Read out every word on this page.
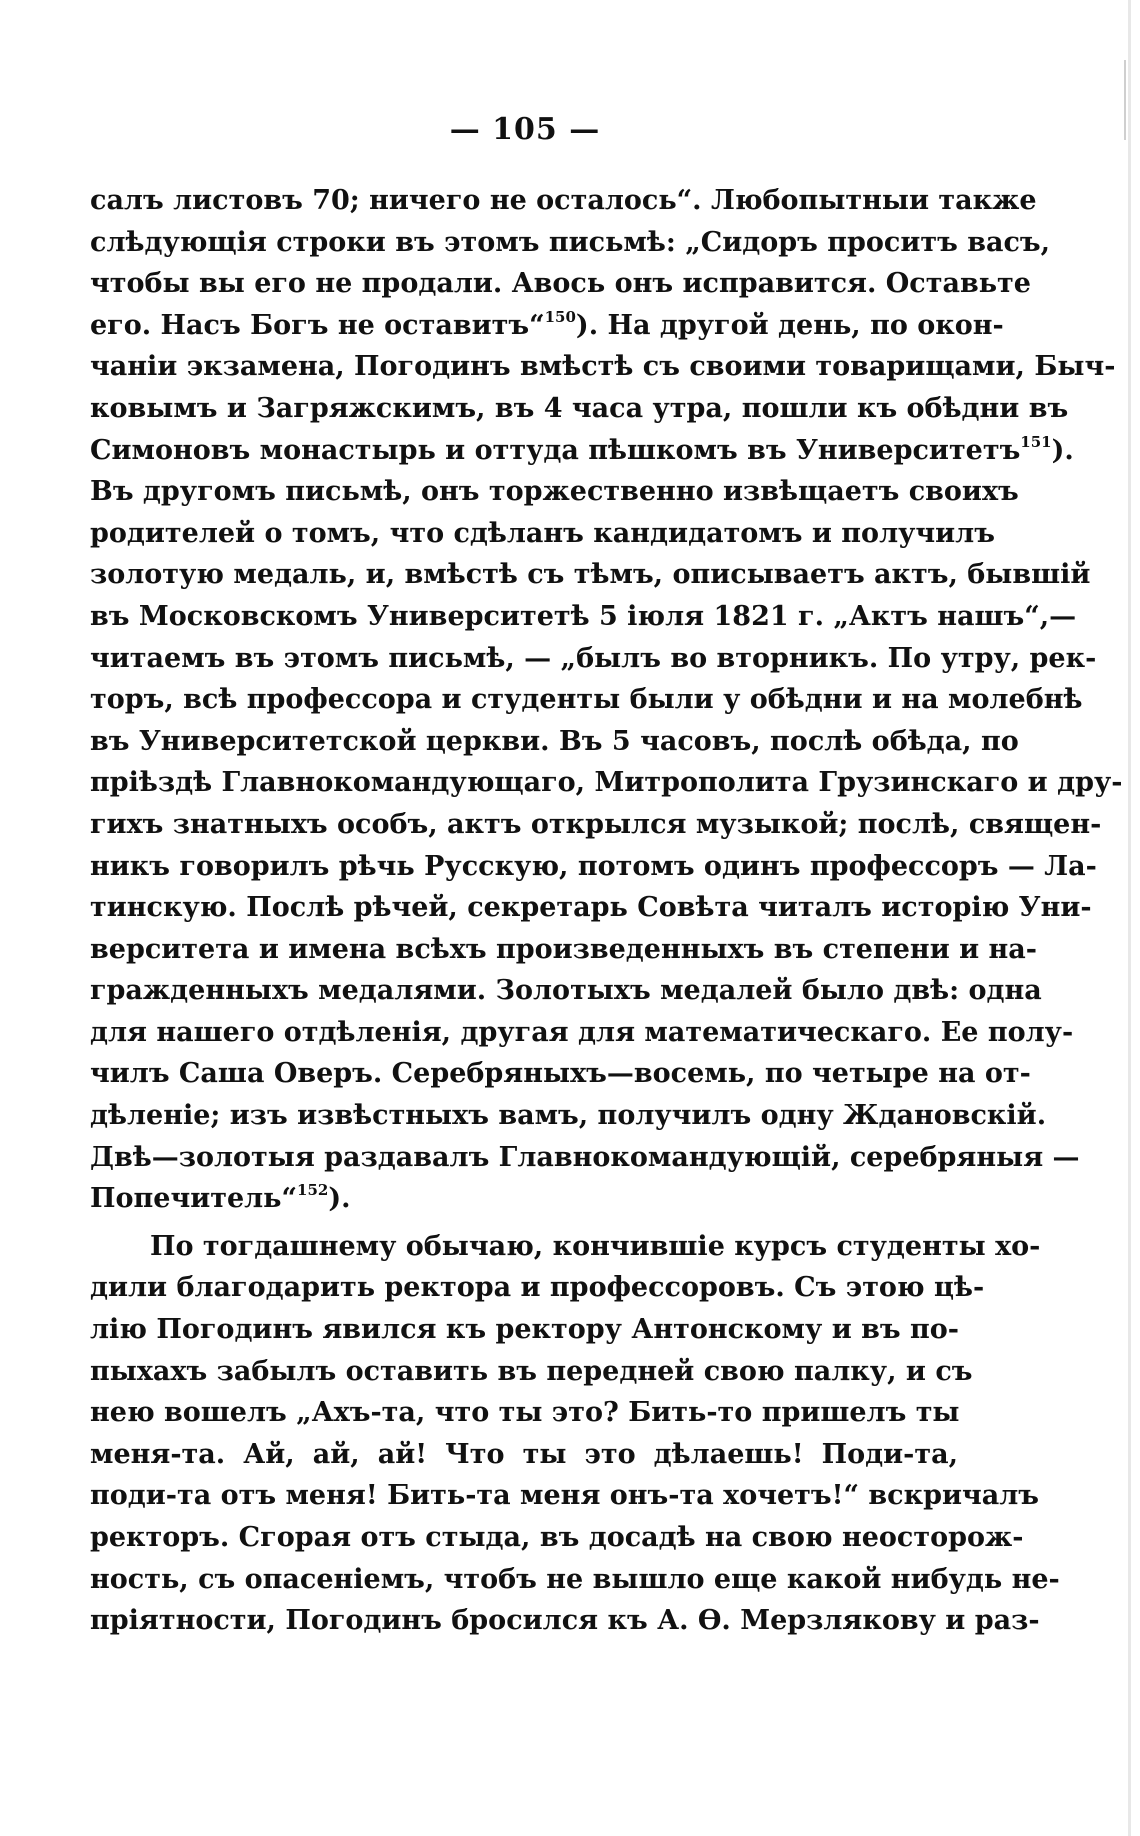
— 105 —
салъ листовъ 70; ничего не осталось“. Любопытныи также
слѣдующія строки въ этомъ письмѣ: „Сидоръ проситъ васъ,
чтобы вы его не продали. Авось онъ исправится. Оставьте
его. Насъ Богъ не оставитъ“$^{150}$). На другой день, по окон-
чаніи экзамена, Погодинъ вмѣстѣ съ своими товарищами, Быч-
ковымъ и Загряжскимъ, въ 4 часа утра, пошли къ обѣдни въ
Симоновъ монастырь и оттуда пѣшкомъ въ Университетъ$^{151}$).
Въ другомъ письмѣ, онъ торжественно извѣщаетъ своихъ
родителей о томъ, что сдѣланъ кандидатомъ и получилъ
золотую медаль, и, вмѣстѣ съ тѣмъ, описываетъ актъ, бывшій
въ Московскомъ Университетѣ 5 іюля 1821 г. „Актъ нашъ“,—
читаемъ въ этомъ письмѣ, — „былъ во вторникъ. По утру, рек-
торъ, всѣ профессора и студенты были у обѣдни и на молебнѣ
въ Университетской церкви. Въ 5 часовъ, послѣ обѣда, по
пріѣздѣ Главнокомандующаго, Митрополита Грузинскаго и дру-
гихъ знатныхъ особъ, актъ открылся музыкой; послѣ, священ-
никъ говорилъ рѣчь Русскую, потомъ одинъ профессоръ — Ла-
тинскую. Послѣ рѣчей, секретарь Совѣта читалъ исторію Уни-
верситета и имена всѣхъ произведенныхъ въ степени и на-
гражденныхъ медалями. Золотыхъ медалей было двѣ: одна
для нашего отдѣленія, другая для математическаго. Ее полу-
чилъ Саша Оверъ. Серебряныхъ—восемь, по четыре на от-
дѣленіе; изъ извѣстныхъ вамъ, получилъ одну Ждановскій.
Двѣ—золотыя раздавалъ Главнокомандующій, серебряныя —
Попечитель“$^{152}$).
По тогдашнему обычаю, кончившіе курсъ студенты хо-
дили благодарить ректора и профессоровъ. Съ этою цѣ-
лію Погодинъ явился къ ректору Антонскому и въ по-
пыхахъ забылъ оставить въ передней свою палку, и съ
нею вошелъ „Ахъ-та, что ты это? Бить-то пришелъ ты
меня-та. Ай, ай, ай! Что ты это дѣлаешь! Поди-та,
поди-та отъ меня! Бить-та меня онъ-та хочетъ!“ вскричалъ
ректоръ. Сгорая отъ стыда, въ досадѣ на свою неосторож-
ность, съ опасеніемъ, чтобъ не вышло еще какой нибудь не-
пріятности, Погодинъ бросился къ А. Ѳ. Мерзлякову и раз-
